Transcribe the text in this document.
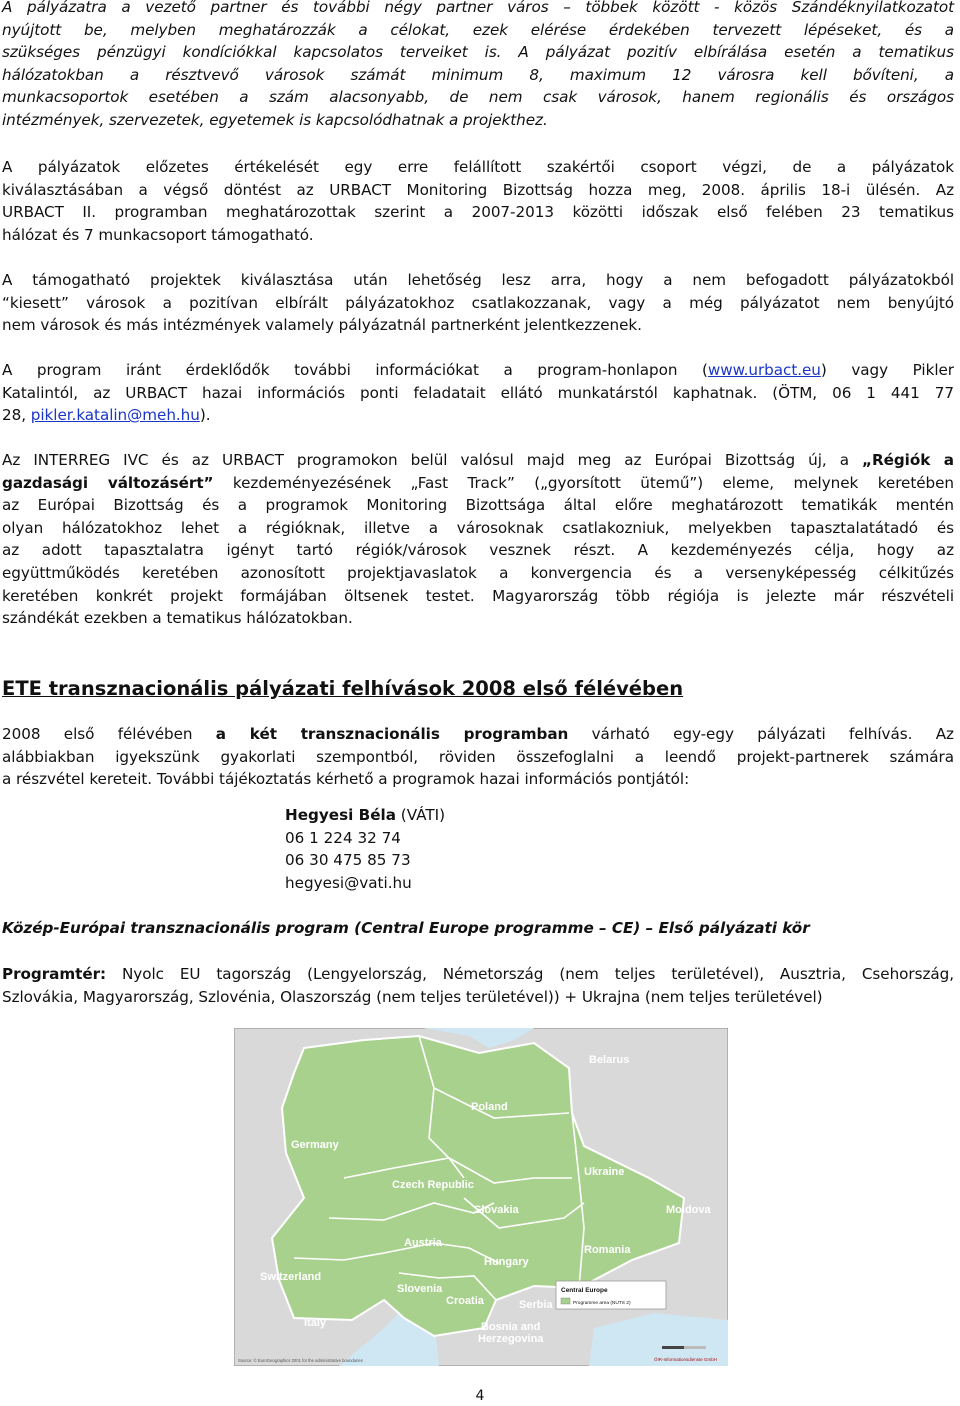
A pályázatra a vezető partner és további négy partner város – többek között - közös Szándéknyilatkozatot
nyújtott be, melyben meghatározzák a célokat, ezek elérése érdekében tervezett lépéseket, és a
szükséges pénzügyi kondíciókkal kapcsolatos terveiket is. A pályázat pozitív elbírálása esetén a tematikus
hálózatokban a résztvevő városok számát minimum 8, maximum 12 városra kell bővíteni, a
munkacsoportok esetében a szám alacsonyabb, de nem csak városok, hanem regionális és országos
intézmények, szervezetek, egyetemek is kapcsolódhatnak a projekthez.

A pályázatok előzetes értékelését egy erre felállított szakértői csoport végzi, de a pályázatok
kiválasztásában a végső döntést az URBACT Monitoring Bizottság hozza meg, 2008. április 18-i ülésén. Az
URBACT II. programban meghatározottak szerint a 2007-2013 közötti időszak első felében 23 tematikus
hálózat és 7 munkacsoport támogatható.

A támogatható projektek kiválasztása után lehetőség lesz arra, hogy a nem befogadott pályázatokból
“kiesett” városok a pozitívan elbírált pályázatokhoz csatlakozzanak, vagy a még pályázatot nem benyújtó
nem városok és más intézmények valamely pályázatnál partnerként jelentkezzenek.

A program iránt érdeklődők további információkat a program-honlapon (www.urbact.eu) vagy Pikler
Katalintól, az URBACT hazai információs ponti feladatait ellátó munkatárstól kaphatnak. (ÖTM, 06 1 441 77
28, pikler.katalin@meh.hu).

Az INTERREG IVC és az URBACT programokon belül valósul majd meg az Európai Bizottság új, a „Régiók a
gazdasági változásért” kezdeményezésének „Fast Track” („gyorsított ütemű”) eleme, melynek keretében
az Európai Bizottság és a programok Monitoring Bizottsága által előre meghatározott tematikák mentén
olyan hálózatokhoz lehet a régióknak, illetve a városoknak csatlakozniuk, melyekben tapasztalatátadó és
az adott tapasztalatra igényt tartó régiók/városok vesznek részt. A kezdeményezés célja, hogy az
együttműködés keretében azonosított projektjavaslatok a konvergencia és a versenyképesség célkitűzés
keretében konkrét projekt formájában öltsenek testet. Magyarország több régiója is jelezte már részvételi
szándékát ezekben a tematikus hálózatokban.

ETE transznacionális pályázati felhívások 2008 első félévében

2008 első félévében a két transznacionális programban várható egy-egy pályázati felhívás. Az
alábbiakban igyekszünk gyakorlati szempontból, röviden összefoglalni a leendő projekt-partnerek számára
a részvétel kereteit. További tájékoztatás kérhető a programok hazai információs pontjától:

Hegyesi Béla (VÁTI)
06 1 224 32 74
06 30 475 85 73
hegyesi@vati.hu
Közép-Európai transznacionális program (Central Europe programme – CE) – Első pályázati kör

Programtér: Nyolc EU tagország (Lengyelország, Németország (nem teljes területével), Ausztria, Csehország,
Szlovákia, Magyarország, Szlovénia, Olaszország (nem teljes területével)) + Ukrajna (nem teljes területével)

Belarus
Poland
Germany
Czech Republic
Ukraine
Slovakia	Moldova
Austria
Hungary
Romania
Switzerland
Slovenia
Croatia	Serbia
Italy	Bosnia and
Herzegovina
Central Europe
Programme area (NUTS 2)
ÖIR-Informationsdienste GmbH
Source: © EuroGeographics 2001 for the administrative boundaries
4
